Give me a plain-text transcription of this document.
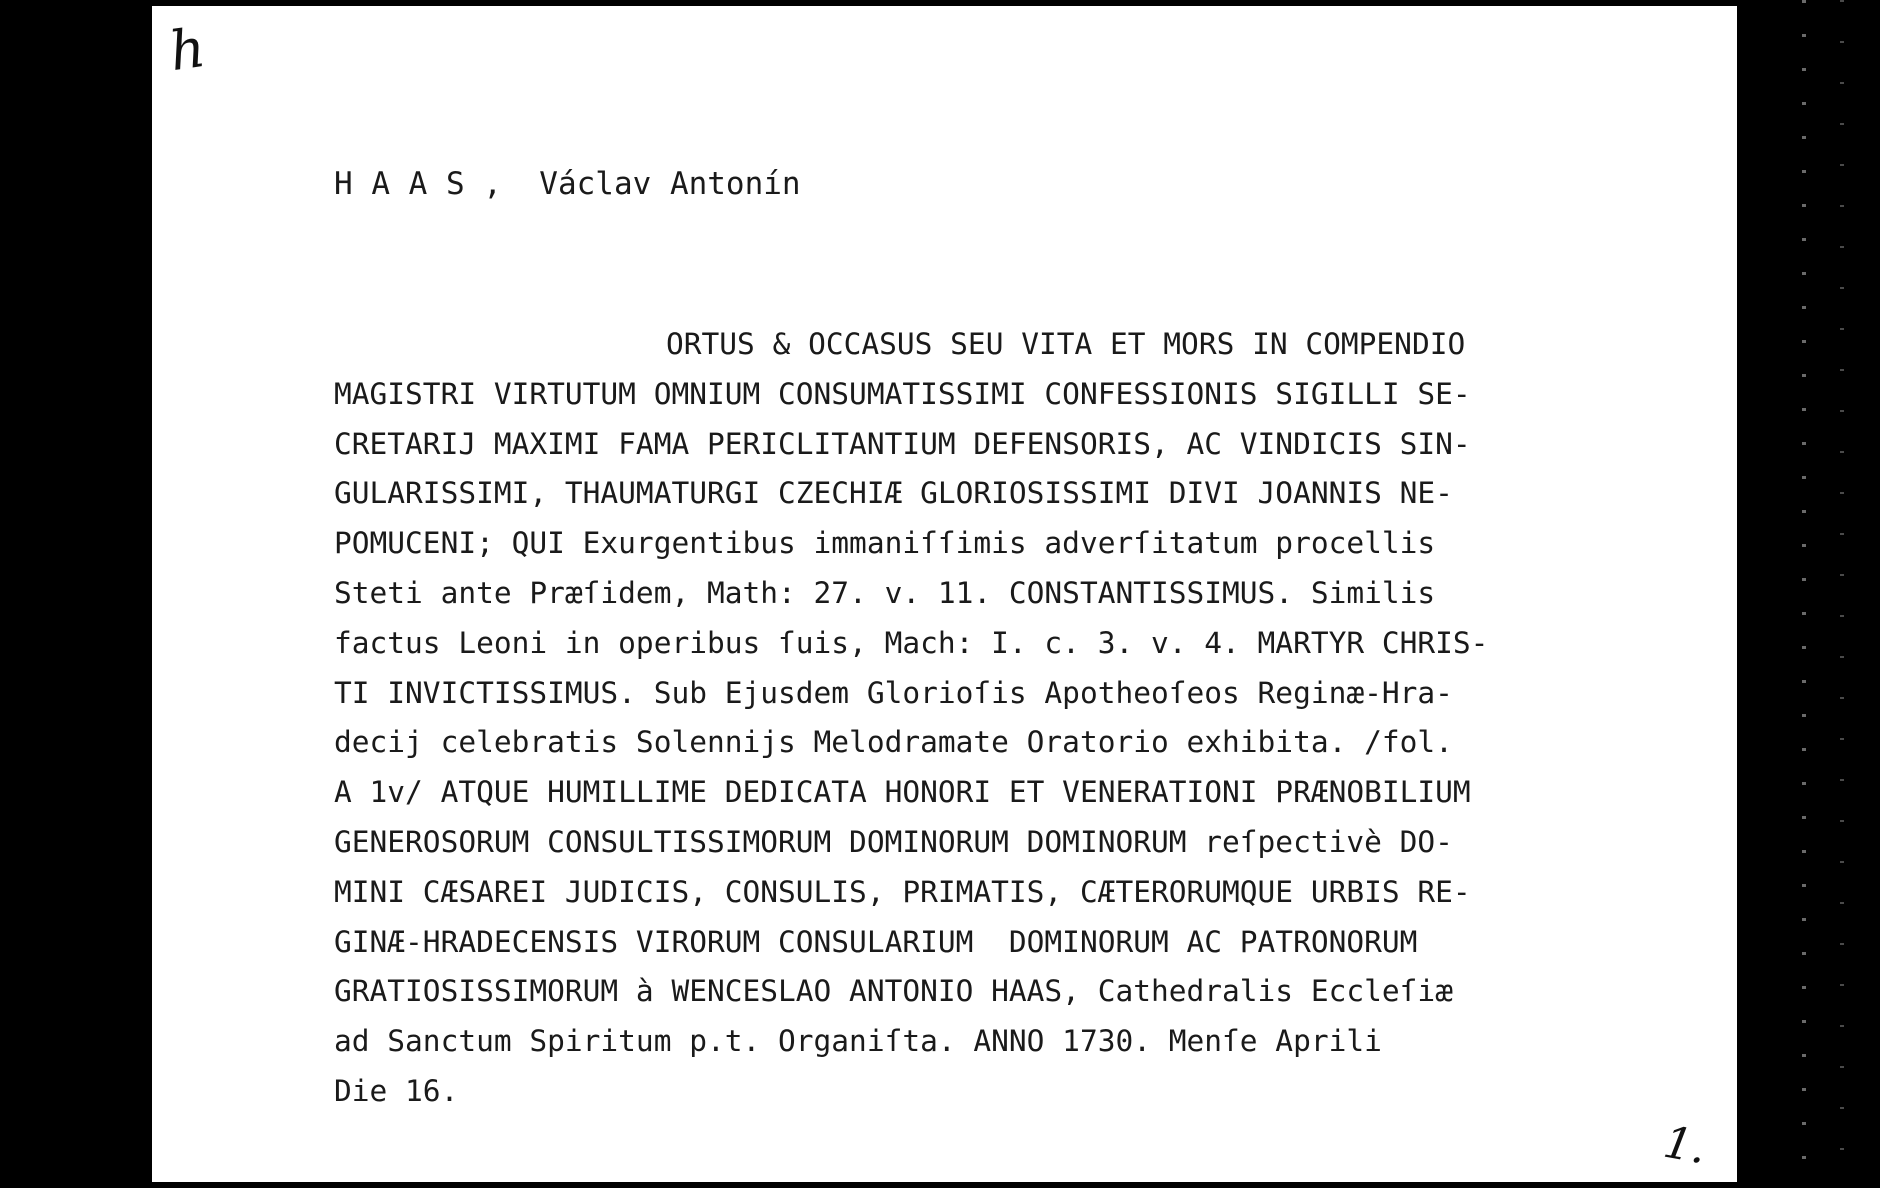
h
H A A S ,  Václav Antonín
ORTUS & OCCASUS SEU VITA ET MORS IN COMPENDIO
MAGISTRI VIRTUTUM OMNIUM CONSUMATISSIMI CONFESSIONIS SIGILLI SE-
CRETARIJ MAXIMI FAMA PERICLITANTIUM DEFENSORIS, AC VINDICIS SIN-
GULARISSIMI, THAUMATURGI CZECHIÆ GLORIOSISSIMI DIVI JOANNIS NE-
POMUCENI; QUI Exurgentibus immaniſſimis adverſitatum procellis
Steti ante Præſidem, Math: 27. v. 11. CONSTANTISSIMUS. Similis
factus Leoni in operibus ſuis, Mach: I. c. 3. v. 4. MARTYR CHRIS-
TI INVICTISSIMUS. Sub Ejusdem Glorioſis Apotheoſeos Reginæ-Hra-
decij celebratis Solennijs Melodramate Oratorio exhibita. /fol.
A 1v/ ATQUE HUMILLIME DEDICATA HONORI ET VENERATIONI PRÆNOBILIUM
GENEROSORUM CONSULTISSIMORUM DOMINORUM DOMINORUM reſpectivè DO-
MINI CÆSAREI JUDICIS, CONSULIS, PRIMATIS, CÆTERORUMQUE URBIS RE-
GINÆ-HRADECENSIS VIRORUM CONSULARIUM  DOMINORUM AC PATRONORUM
GRATIOSISSIMORUM à WENCESLAO ANTONIO HAAS, Cathedralis Eccleſiæ
ad Sanctum Spiritum p.t. Organiſta. ANNO 1730. Menſe Aprili
Die 16.
1.
